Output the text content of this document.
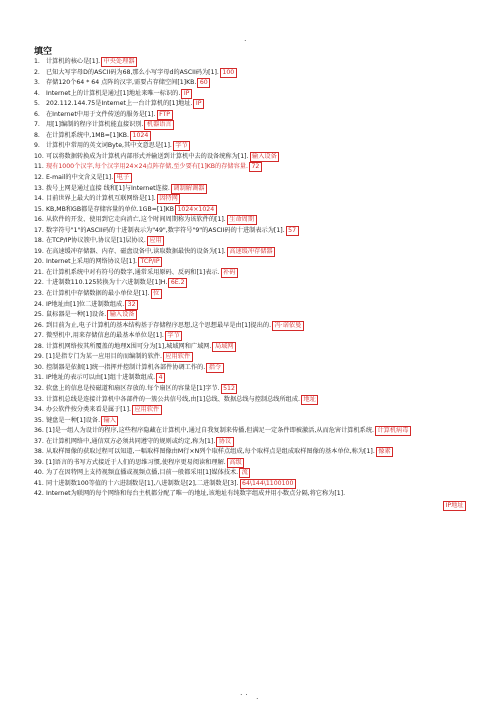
.
填空
1. 计算机的核心是[1]. 中央处理器
2. 已知大写字母D的ASCII码为68,那么小写字母d的ASCII码为[1]. 100
3. 存储120个64 * 64 点阵的汉字,需要占存储空间[1]KB. 60
4. Internet上的计算机是通过[1]地址来唯一标识的. IP
5. 202.112.144.75是Internet上一台计算机的[1]地址. IP
6. 在Internet中用于文件传送的服务是[1]. FTP
7. 用[1]编制的程序计算机能直接识别. 机器语言
8. 在计算机系统中,1MB=[1]KB. 1024
9. 计算机中常用的英文词Byte,其中文意思是[1]. 字节
10. 可以将数据转换成为计算机内部形式并输送到计算机中去的设备统称为[1]. 输入设备
11. 现有1000个汉字,每个汉字用24×24点阵存储,至少要有[1]KB的存储容量. 72
12. E-mail的中文含义是[1]. 电子
13. 拨号上网是通过直接 线和[1]与Internet连接. 调制解调器
14. 目前世界上最大的计算机互联网络是[1]. 因特网
15. KB,MB和GB都是存储容量的单位.1GB=[1]KB 1024×1024
16. 从软件的开发、使用到它走向消亡,这个时间周期称为该软件的[1]. 生命周期
17. 数字符号"1"的ASCII码的十进制表示为"49",数字符号"9"的ASCII码的十进制表示为[1]. 57
18. 在TCP/IP协议簇中,协议是[1]层协议. 应用
19. 在高速缓冲存储器、内存、磁盘设备中,读取数据最快的设备为[1]. 高速缓冲存储器
20. Internet上采用的网络协议是[1]. TCP/IP
21. 在计算机系统中对有符号的数字,通常采用原码、反码和[1]表示. 补码
22. 十进制数110.125转换为十六进制数是[1]H. 6E.2
23. 在计算机中存储数据的最小单位是[1]. 位
24. IP地址由[1]位二进制数组成. 32
25. 鼠标器是一种[1]设备. 输入设备
26. 到目前为止,电子计算机的基本结构基于存储程序思想,这个思想最早是由[1]提出的. 冯·诺依曼
27. 微型机中,用来存储信息的最基本单位是[1]. 字节
28. 计算机网络按其所覆盖的地理X围可分为[1],城域网和广域网. 局域网
29. [1]是指专门为某一应用目的而编制的软件. 应用软件
30. 控制器是依据[1]统一指挥并控制计算机各部件协调工作的. 指令
31. IP地址的表示可以由[1]组十进制数组成. 4
32. 软盘上的信息是按磁道和扇区存放的.每个扇区的容量是[1]字节. 512
33. 计算机总线是连接计算机中各部件的一簇公共信号线,由[1]总线、数据总线与控制总线所组成. 地址
34. 办公软件按分类来看是属于[1]. 应用软件
35. 键盘是一种[1]设备. 输入
36. [1]是一组人为设计的程序,这些程序隐藏在计算机中,通过自我复制来传播,但满足一定条件即被激活,从而危害计算机系统. 计算机病毒
37. 在计算机网络中,通信双方必须共同遵守的规则或约定,称为[1]. 协议
38. 从取样图像的获取过程可以知道,一幅取样图像由M行×N列个取样点组成,每个取样点是组成取样图像的基本单位,称为[1]. 像素
39. [1]语言的书写方式接近于人们的思维习惯,使程序更易阅读和理解. 高级
40. 为了在因特网上支持视频直播或视频点播,目前一般都采用[1]媒体技术. 流
41. 同十进制数100等值的十六进制数是[1],八进制数是[2],二进制数是[3]. 64\144\1100100
42. Internet为联网的每个网络和每台主机都分配了唯一的地址,该地址有纯数字组成并用小数点分隔,将它称为[1].
IP地址
. . .
